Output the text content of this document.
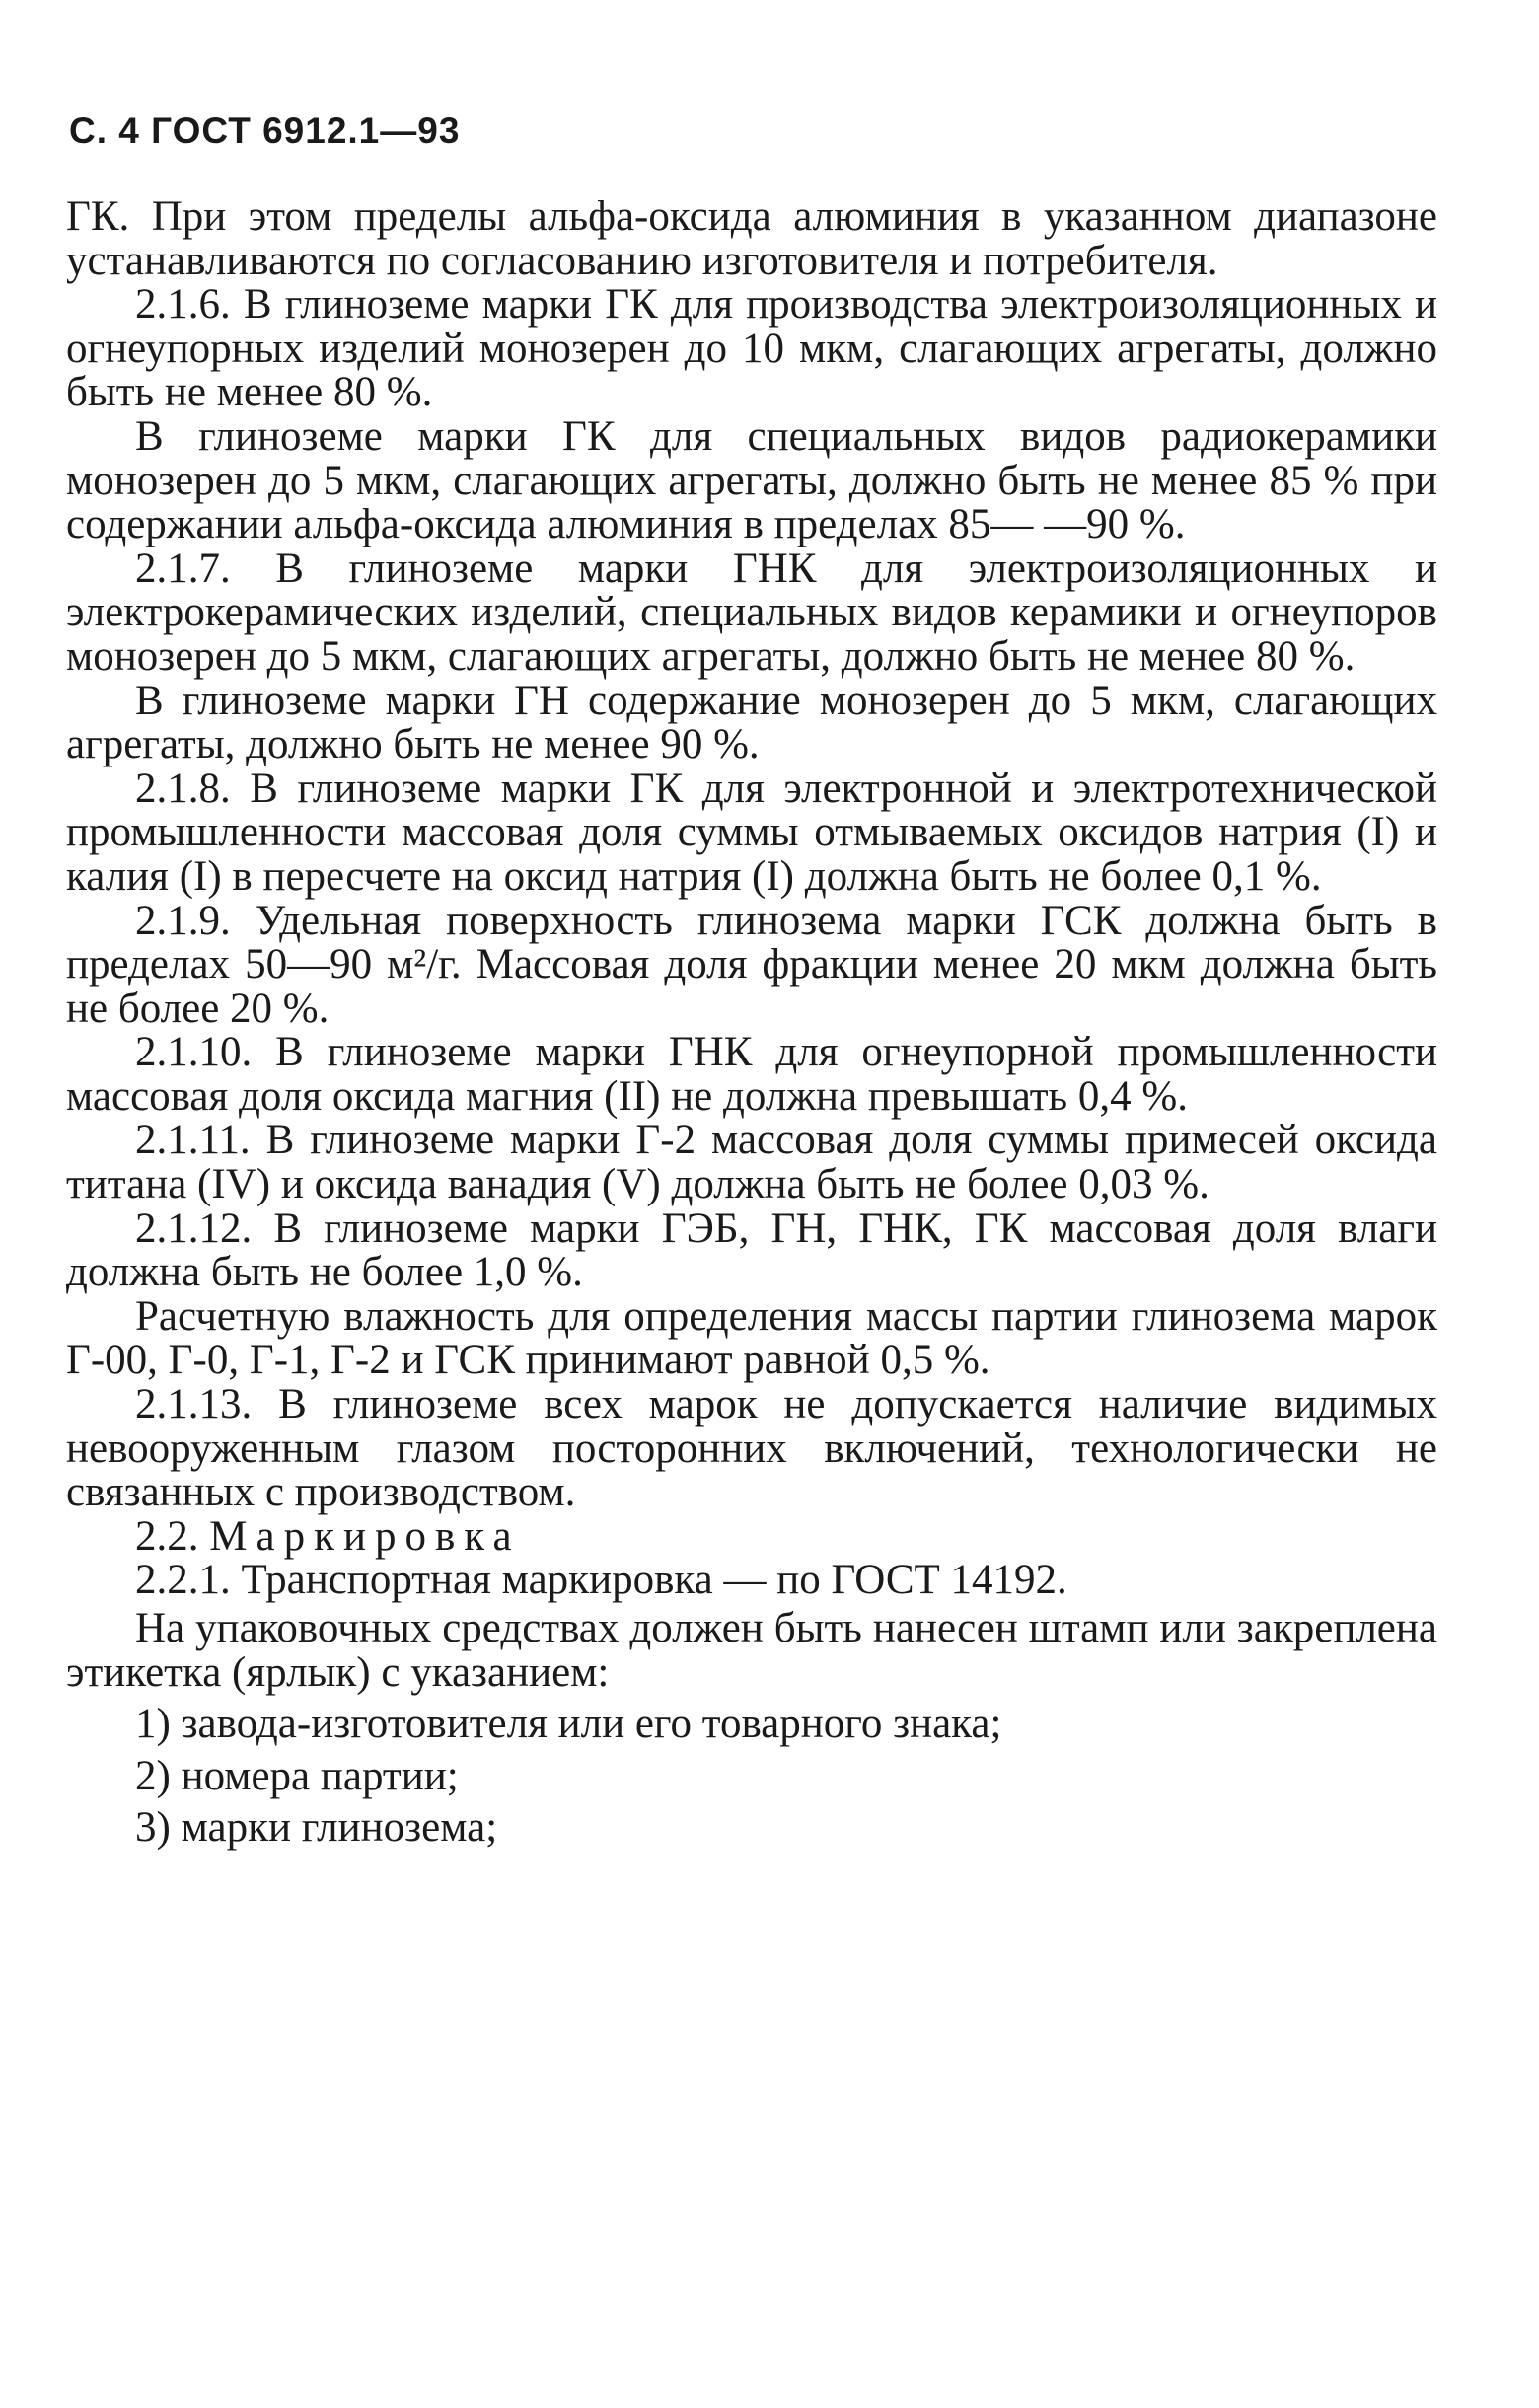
С. 4 ГОСТ 6912.1—93

ГК. При этом пределы альфа-оксида алюминия в указанном диапазоне устанавливаются по согласованию изготовителя и потребителя.

2.1.6. В глиноземе марки ГК для производства электроизоляционных и огнеупорных изделий монозерен до 10 мкм, слагающих агрегаты, должно быть не менее 80 %.

В глиноземе марки ГК для специальных видов радиокерамики монозерен до 5 мкм, слагающих агрегаты, должно быть не менее 85 % при содержании альфа-оксида алюминия в пределах 85— —90 %.

2.1.7. В глиноземе марки ГНК для электроизоляционных и электрокерамических изделий, специальных видов керамики и огнеупоров монозерен до 5 мкм, слагающих агрегаты, должно быть не менее 80 %.

В глиноземе марки ГН содержание монозерен до 5 мкм, слагающих агрегаты, должно быть не менее 90 %.

2.1.8. В глиноземе марки ГК для электронной и электротехнической промышленности массовая доля суммы отмываемых оксидов натрия (I) и калия (I) в пересчете на оксид натрия (I) должна быть не более 0,1 %.

2.1.9. Удельная поверхность глинозема марки ГСК должна быть в пределах 50—90 м²/г. Массовая доля фракции менее 20 мкм должна быть не более 20 %.

2.1.10. В глиноземе марки ГНК для огнеупорной промышленности массовая доля оксида магния (II) не должна превышать 0,4 %.

2.1.11. В глиноземе марки Г-2 массовая доля суммы примесей оксида титана (IV) и оксида ванадия (V) должна быть не более 0,03 %.

2.1.12. В глиноземе марки ГЭБ, ГН, ГНК, ГК массовая доля влаги должна быть не более 1,0 %.

Расчетную влажность для определения массы партии глинозема марок Г-00, Г-0, Г-1, Г-2 и ГСК принимают равной 0,5 %.

2.1.13. В глиноземе всех марок не допускается наличие видимых невооруженным глазом посторонних включений, технологически не связанных с производством.

2.2. Маркировка

2.2.1. Транспортная маркировка — по ГОСТ 14192.

На упаковочных средствах должен быть нанесен штамп или закреплена этикетка (ярлык) с указанием:

1) завода-изготовителя или его товарного знака;

2) номера партии;

3) марки глинозема;
